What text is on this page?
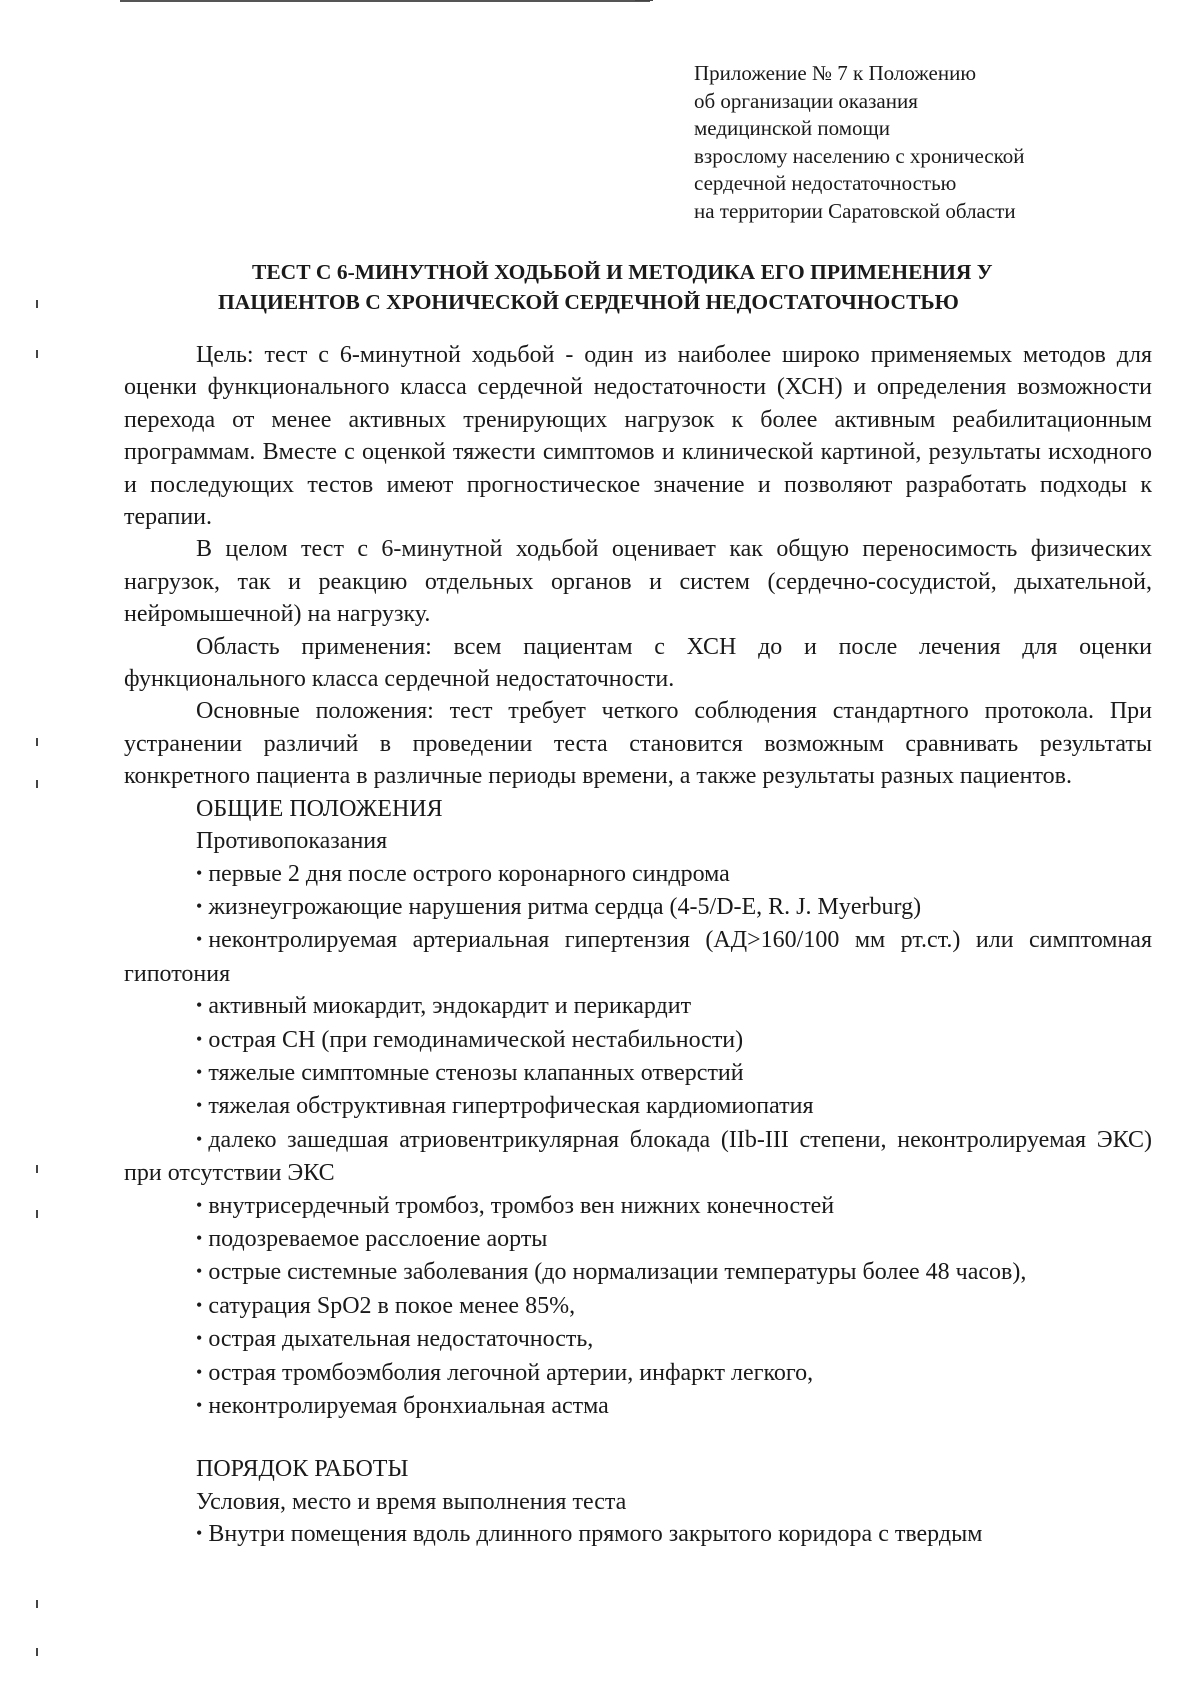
Приложение № 7 к Положению
об организации оказания
медицинской помощи
взрослому населению с хронической
сердечной недостаточностью
на территории Саратовской области
ТЕСТ С 6-МИНУТНОЙ ХОДЬБОЙ И МЕТОДИКА ЕГО ПРИМЕНЕНИЯ У
ПАЦИЕНТОВ С ХРОНИЧЕСКОЙ СЕРДЕЧНОЙ НЕДОСТАТОЧНОСТЬЮ

Цель: тест с 6-минутной ходьбой - один из наиболее широко применяемых методов для оценки функционального класса сердечной недостаточности (ХСН) и определения возможности перехода от менее активных тренирующих нагрузок к более активным реабилитационным программам. Вместе с оценкой тяжести симптомов и клинической картиной, результаты исходного и последующих тестов имеют прогностическое значение и позволяют разработать подходы к терапии.

В целом тест с 6-минутной ходьбой оценивает как общую переносимость физических нагрузок, так и реакцию отдельных органов и систем (сердечно-сосудистой, дыхательной, нейромышечной) на нагрузку.

Область применения: всем пациентам с ХСН до и после лечения для оценки функционального класса сердечной недостаточности.

Основные положения: тест требует четкого соблюдения стандартного протокола. При устранении различий в проведении теста становится возможным сравнивать результаты конкретного пациента в различные периоды времени, а также результаты разных пациентов.

ОБЩИЕ ПОЛОЖЕНИЯ

Противопоказания

• первые 2 дня после острого коронарного синдрома

• жизнеугрожающие нарушения ритма сердца (4-5/D-E, R. J. Myerburg)

• неконтролируемая артериальная гипертензия (АД>160/100 мм рт.ст.) или симптомная гипотония

• активный миокардит, эндокардит и перикардит

• острая СН (при гемодинамической нестабильности)

• тяжелые симптомные стенозы клапанных отверстий

• тяжелая обструктивная гипертрофическая кардиомиопатия

• далеко зашедшая атриовентрикулярная блокада (IIb-III степени, неконтролируемая ЭКС) при отсутствии ЭКС

• внутрисердечный тромбоз, тромбоз вен нижних конечностей

• подозреваемое расслоение аорты

• острые системные заболевания (до нормализации температуры более 48 часов),

• сатурация SpO2 в покое менее 85%,

• острая дыхательная недостаточность,

• острая тромбоэмболия легочной артерии, инфаркт легкого,

• неконтролируемая бронхиальная астма

ПОРЯДОК РАБОТЫ

Условия, место и время выполнения теста

• Внутри помещения вдоль длинного прямого закрытого коридора с твердым
